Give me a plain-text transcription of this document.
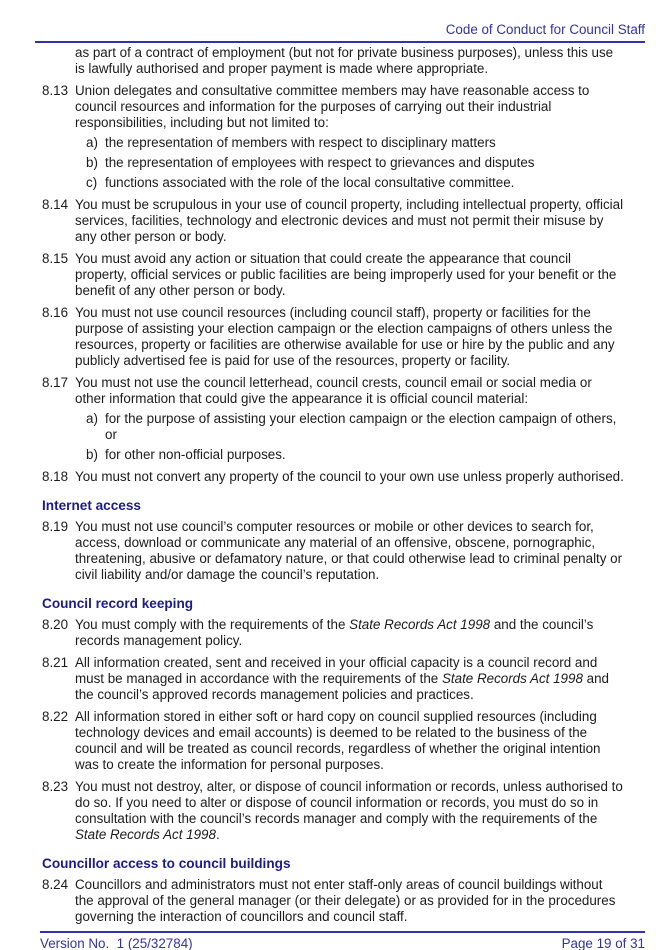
Code of Conduct for Council Staff
as part of a contract of employment (but not for private business purposes), unless this use is lawfully authorised and proper payment is made where appropriate.
8.13 Union delegates and consultative committee members may have reasonable access to council resources and information for the purposes of carrying out their industrial responsibilities, including but not limited to:
a) the representation of members with respect to disciplinary matters
b) the representation of employees with respect to grievances and disputes
c) functions associated with the role of the local consultative committee.
8.14 You must be scrupulous in your use of council property, including intellectual property, official services, facilities, technology and electronic devices and must not permit their misuse by any other person or body.
8.15 You must avoid any action or situation that could create the appearance that council property, official services or public facilities are being improperly used for your benefit or the benefit of any other person or body.
8.16 You must not use council resources (including council staff), property or facilities for the purpose of assisting your election campaign or the election campaigns of others unless the resources, property or facilities are otherwise available for use or hire by the public and any publicly advertised fee is paid for use of the resources, property or facility.
8.17 You must not use the council letterhead, council crests, council email or social media or other information that could give the appearance it is official council material:
a) for the purpose of assisting your election campaign or the election campaign of others, or
b) for other non-official purposes.
8.18 You must not convert any property of the council to your own use unless properly authorised.
Internet access
8.19 You must not use council’s computer resources or mobile or other devices to search for, access, download or communicate any material of an offensive, obscene, pornographic, threatening, abusive or defamatory nature, or that could otherwise lead to criminal penalty or civil liability and/or damage the council’s reputation.
Council record keeping
8.20 You must comply with the requirements of the State Records Act 1998 and the council’s records management policy.
8.21 All information created, sent and received in your official capacity is a council record and must be managed in accordance with the requirements of the State Records Act 1998 and the council’s approved records management policies and practices.
8.22 All information stored in either soft or hard copy on council supplied resources (including technology devices and email accounts) is deemed to be related to the business of the council and will be treated as council records, regardless of whether the original intention was to create the information for personal purposes.
8.23 You must not destroy, alter, or dispose of council information or records, unless authorised to do so. If you need to alter or dispose of council information or records, you must do so in consultation with the council’s records manager and comply with the requirements of the State Records Act 1998.
Councillor access to council buildings
8.24 Councillors and administrators must not enter staff-only areas of council buildings without the approval of the general manager (or their delegate) or as provided for in the procedures governing the interaction of councillors and council staff.
Version No.  1 (25/32784)	Page 19 of 31
